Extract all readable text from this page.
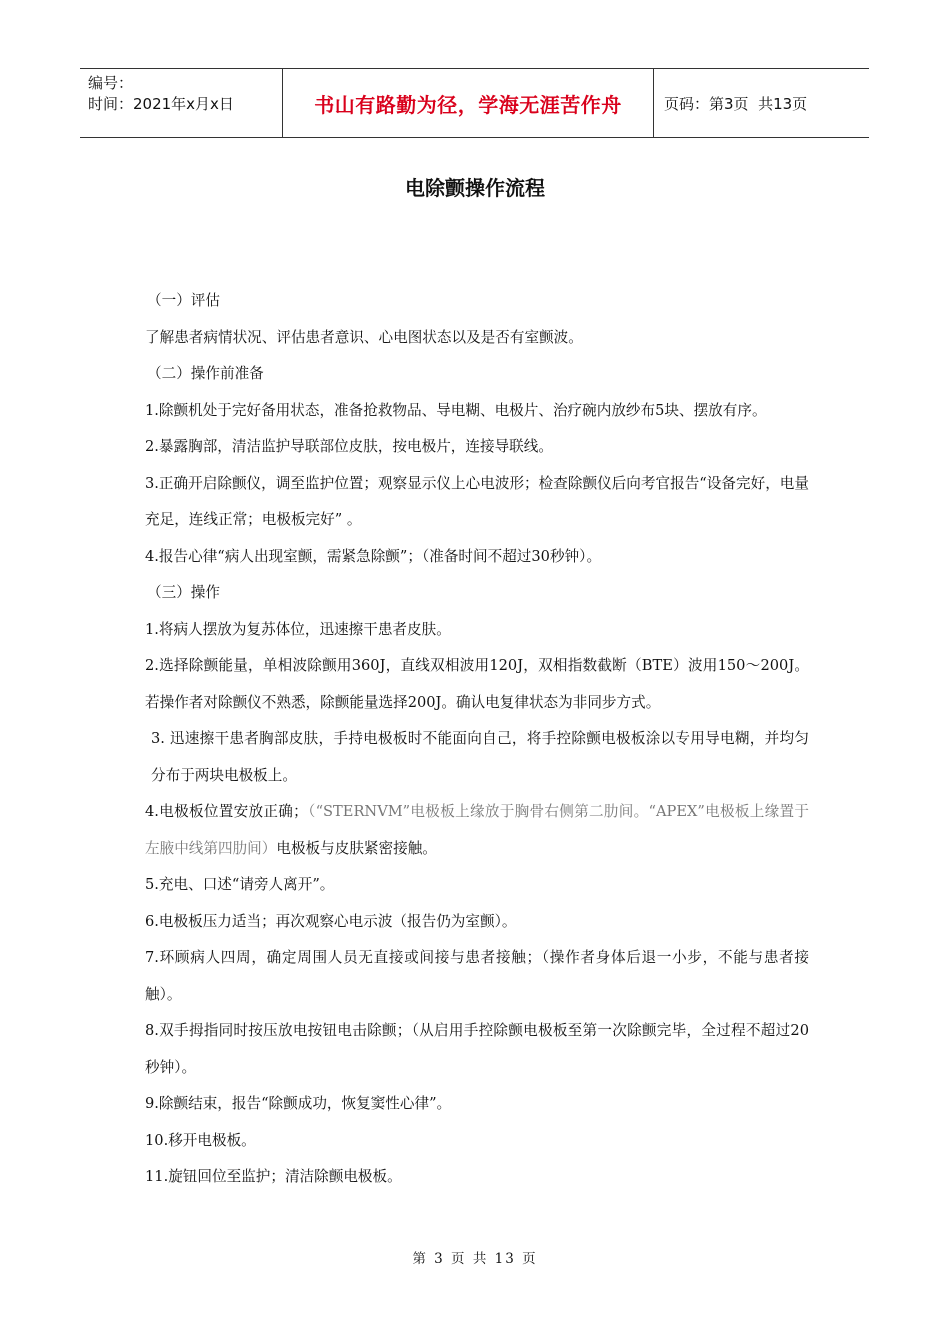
编号：
时间：2021年x月x日	书山有路勤为径，学海无涯苦作舟	页码：第3页  共13页
电除颤操作流程
（一）评估
了解患者病情状况、评估患者意识、心电图状态以及是否有室颤波。
（二）操作前准备
1.除颤机处于完好备用状态，准备抢救物品、导电糊、电极片、治疗碗内放纱布5块、摆放有序。
2.暴露胸部，清洁监护导联部位皮肤，按电极片，连接导联线。
3.正确开启除颤仪，调至监护位置；观察显示仪上心电波形；检查除颤仪后向考官报告“设备完好，电量充足，连线正常；电极板完好” 。
4.报告心律“病人出现室颤，需紧急除颤”；（准备时间不超过30秒钟）。
（三）操作
1.将病人摆放为复苏体位，迅速擦干患者皮肤。
2.选择除颤能量，单相波除颤用360J，直线双相波用120J，双相指数截断（BTE）波用150～200J。若操作者对除颤仪不熟悉，除颤能量选择200J。确认电复律状态为非同步方式。
3. 迅速擦干患者胸部皮肤，手持电极板时不能面向自己，将手控除颤电极板涂以专用导电糊，并均匀分布于两块电极板上。
4.电极板位置安放正确；（“STERNVM”电极板上缘放于胸骨右侧第二肋间。“APEX”电极板上缘置于左腋中线第四肋间）电极板与皮肤紧密接触。
5.充电、口述“请旁人离开”。
6.电极板压力适当；再次观察心电示波（报告仍为室颤）。
7.环顾病人四周，确定周围人员无直接或间接与患者接触；（操作者身体后退一小步，不能与患者接触）。
8.双手拇指同时按压放电按钮电击除颤；（从启用手控除颤电极板至第一次除颤完毕，全过程不超过20秒钟）。
9.除颤结束，报告“除颤成功，恢复窦性心律”。
10.移开电极板。
11.旋钮回位至监护；清洁除颤电极板。
第 3 页 共 13 页
